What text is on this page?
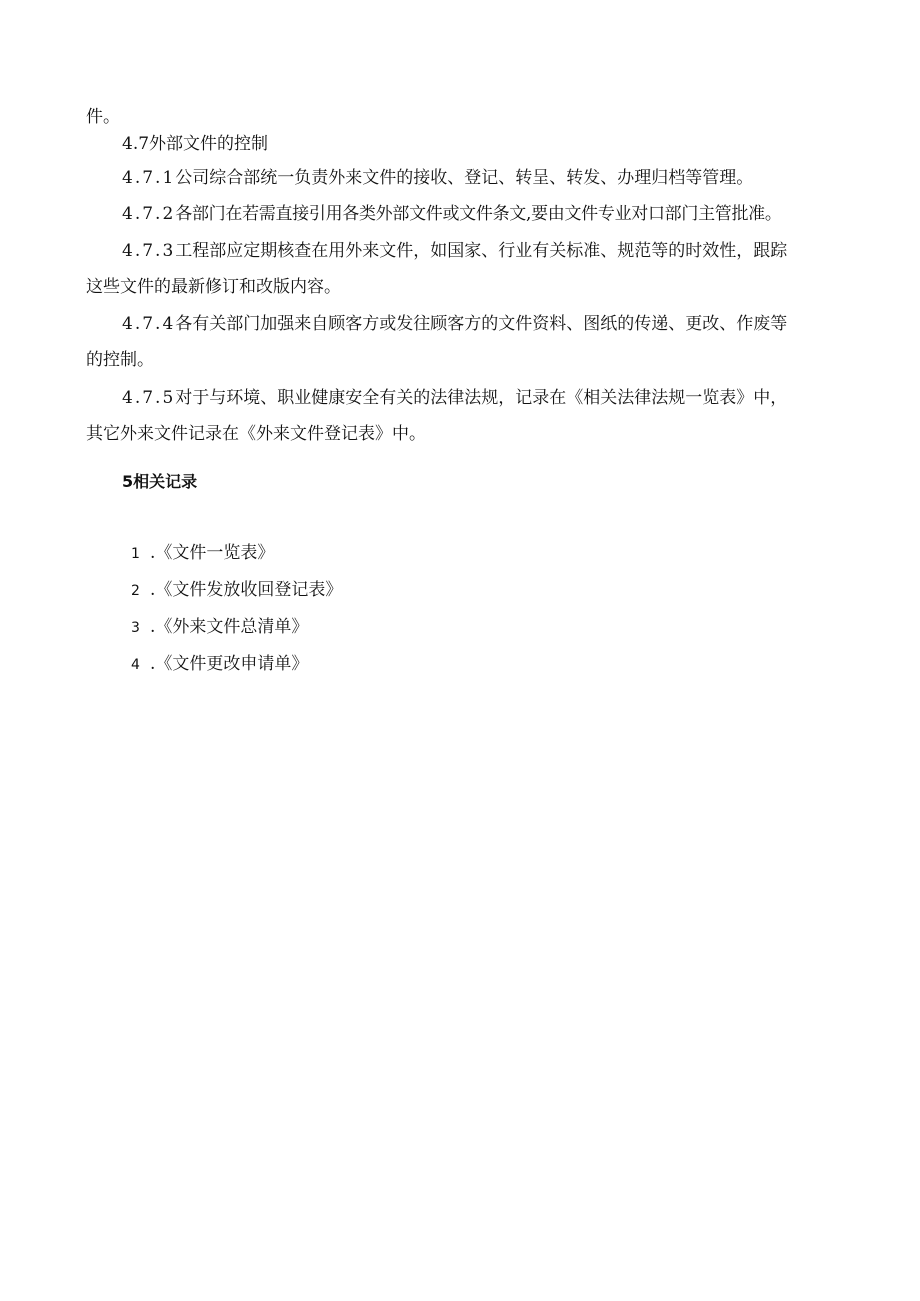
件。
4.7外部文件的控制
4.7.1公司综合部统一负责外来文件的接收、登记、转呈、转发、办理归档等管理。
4.7.2各部门在若需直接引用各类外部文件或文件条文,要由文件专业对口部门主管批准。
4.7.3工程部应定期核查在用外来文件，如国家、行业有关标准、规范等的时效性，跟踪
这些文件的最新修订和改版内容。
4.7.4各有关部门加强来自顾客方或发往顾客方的文件资料、图纸的传递、更改、作废等
的控制。
4.7.5对于与环境、职业健康安全有关的法律法规，记录在《相关法律法规一览表》中，
其它外来文件记录在《外来文件登记表》中。
5相关记录
1 .《文件一览表》
2 .《文件发放收回登记表》
3 .《外来文件总清单》
4 .《文件更改申请单》
